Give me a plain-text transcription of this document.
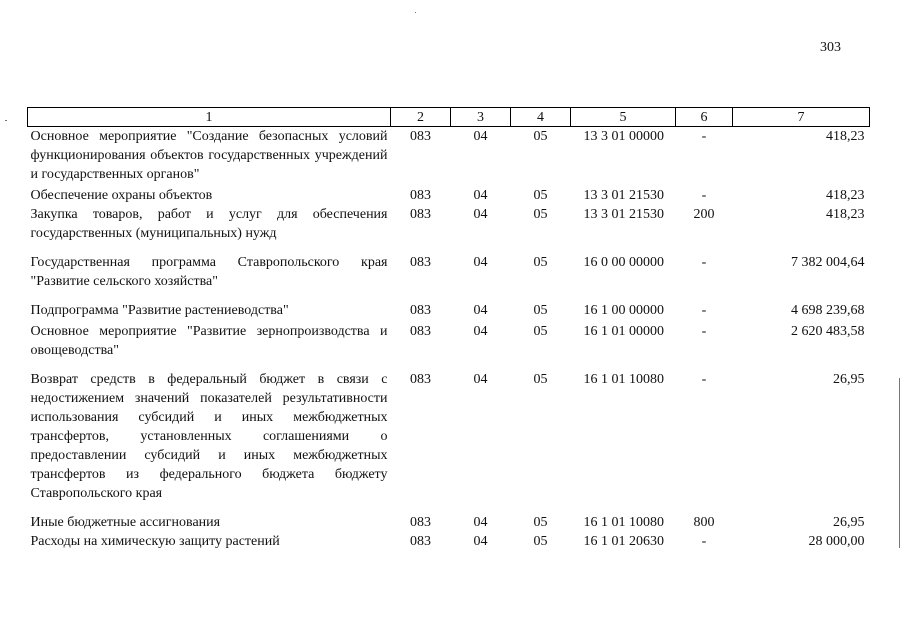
303
1	2	3	4	5	6	7
Основное мероприятие "Создание безопасных условий функционирования объектов государственных учреждений и государственных органов"	083	04	05	13 3 01 00000	-	418,23
Обеспечение охраны объектов	083	04	05	13 3 01 21530	-	418,23
Закупка товаров, работ и услуг для обеспечения государственных (муниципальных) нужд	083	04	05	13 3 01 21530	200	418,23
Государственная программа Ставропольского края "Развитие сельского хозяйства"	083	04	05	16 0 00 00000	-	7 382 004,64
Подпрограмма "Развитие растениеводства"	083	04	05	16 1 00 00000	-	4 698 239,68
Основное мероприятие "Развитие зернопроизводства и овощеводства"	083	04	05	16 1 01 00000	-	2 620 483,58
Возврат средств в федеральный бюджет в связи с недостижением значений показателей результативности использования субсидий и иных межбюджетных трансфертов, установленных соглашениями о предоставлении субсидий и иных межбюджетных трансфертов из федерального бюджета бюджету Ставропольского края	083	04	05	16 1 01 10080	-	26,95
Иные бюджетные ассигнования	083	04	05	16 1 01 10080	800	26,95
Расходы на химическую защиту растений	083	04	05	16 1 01 20630	-	28 000,00
